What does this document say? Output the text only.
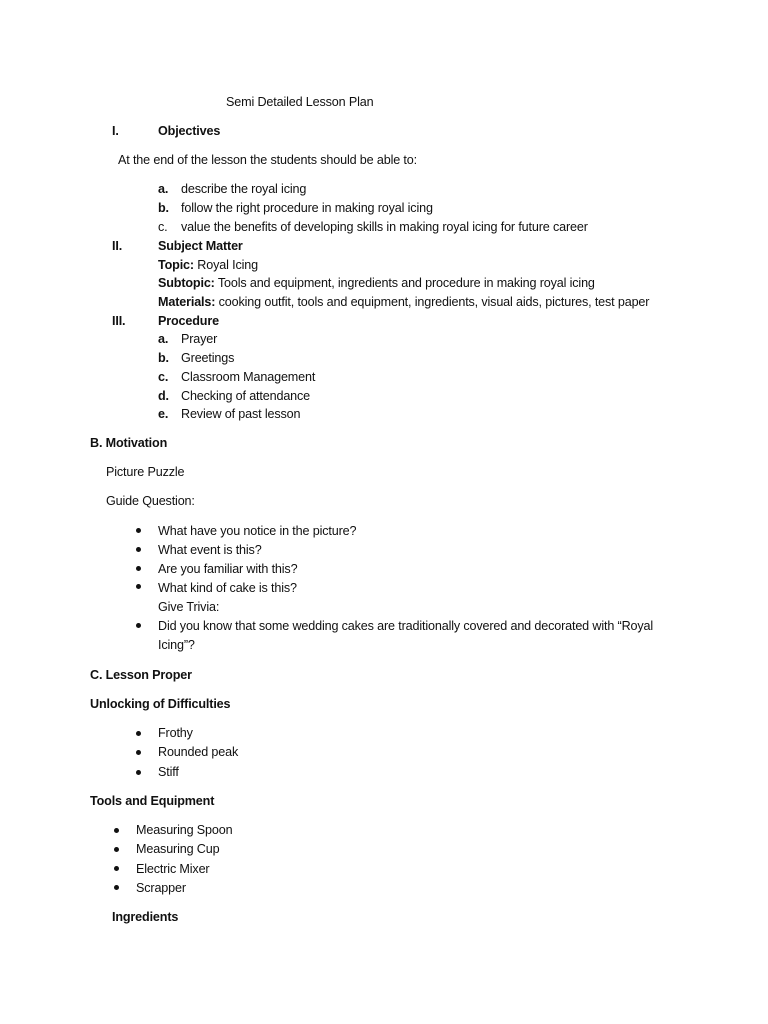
Semi Detailed Lesson Plan
I.	Objectives
At the end of the lesson the students should be able to:
a. describe the royal icing
b. follow the right procedure in making royal icing
c. value the benefits of developing skills in making royal icing for future career
II.	Subject Matter
Topic: Royal Icing
Subtopic: Tools and equipment, ingredients and procedure in making royal icing
Materials: cooking outfit, tools and equipment, ingredients, visual aids, pictures, test paper
III.	Procedure
a. Prayer
b. Greetings
c. Classroom Management
d. Checking of attendance
e. Review of past lesson
B. Motivation
Picture Puzzle
Guide Question:
What have you notice in the picture?
What event is this?
Are you familiar with this?
What kind of cake is this?
Give Trivia:
Did you know that some wedding cakes are traditionally covered and decorated with “Royal
Icing”?
C. Lesson Proper
Unlocking of Difficulties
Frothy
Rounded peak
Stiff
Tools and Equipment
Measuring Spoon
Measuring Cup
Electric Mixer
Scrapper
Ingredients
